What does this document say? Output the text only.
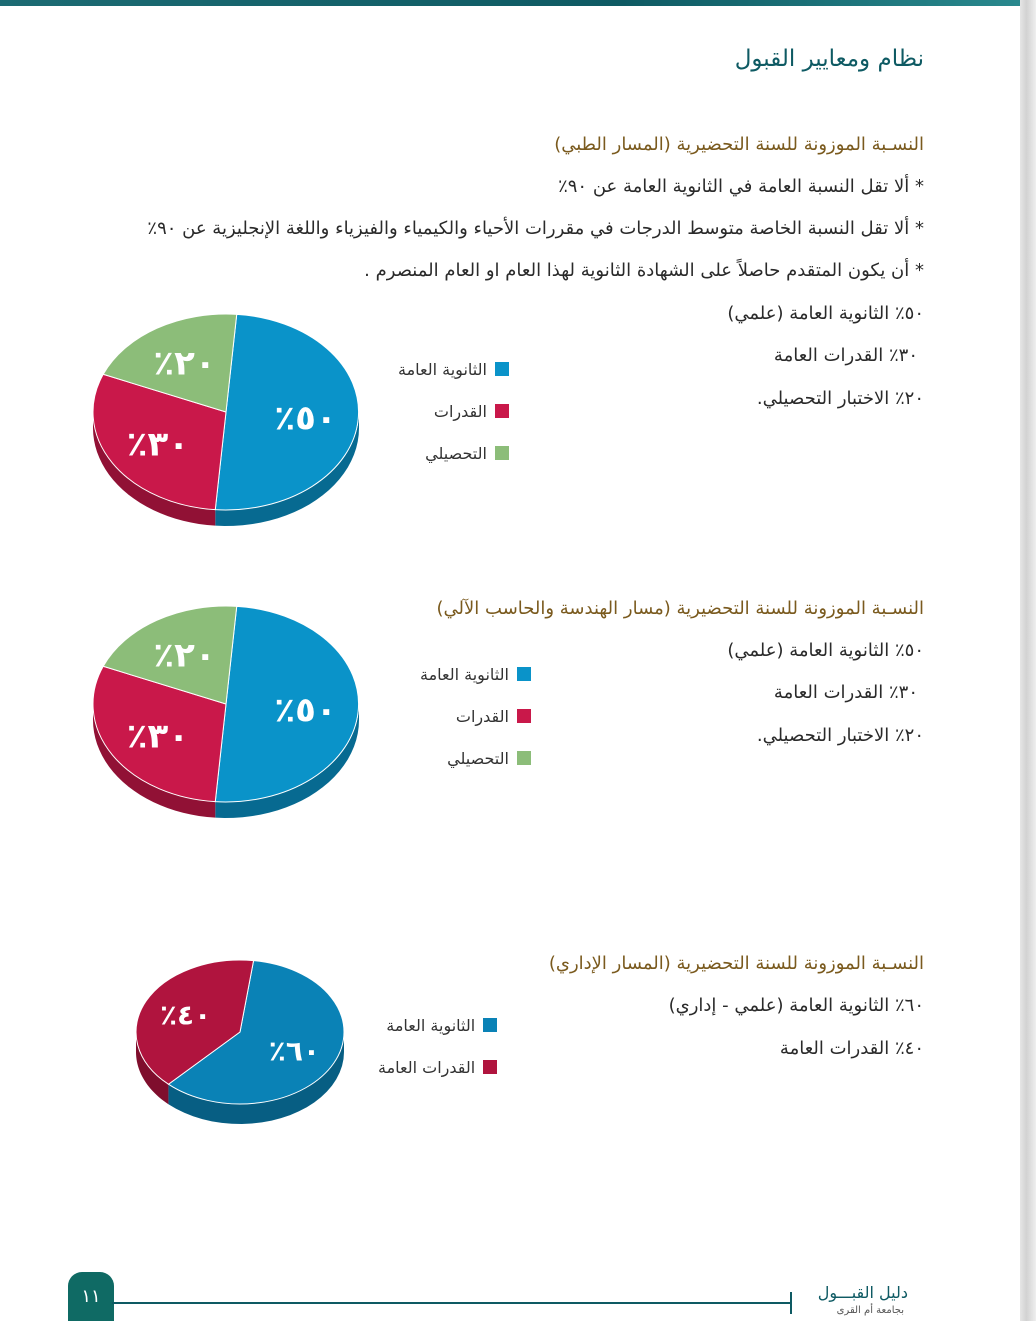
نظام ومعايير القبول
النسـبة الموزونة للسنة التحضيرية (المسار الطبي)
* ألا تقل النسبة العامة في الثانوية العامة عن ٩٠٪
* ألا تقل النسبة الخاصة متوسط الدرجات في مقررات الأحياء والكيمياء والفيزياء واللغة الإنجليزية عن ٩٠٪
* أن يكون المتقدم حاصلاً على الشهادة الثانوية لهذا العام او العام المنصرم .
٥٠٪ الثانوية العامة (علمي)
٣٠٪ القدرات العامة
٢٠٪ الاختبار التحصيلي.
٪٥٠
٪٣٠
٪٢٠	الثانوية العامة
القدرات
التحصيلي
النسـبة الموزونة للسنة التحضيرية (مسار الهندسة والحاسب الآلي)
٥٠٪ الثانوية العامة (علمي)
٣٠٪ القدرات العامة
٢٠٪ الاختبار التحصيلي.
٪٥٠
٪٣٠
٪٢٠	الثانوية العامة
القدرات
التحصيلي
النسـبة الموزونة للسنة التحضيرية (المسار الإداري)
٦٠٪ الثانوية العامة (علمي - إداري)
٤٠٪ القدرات العامة
٪٦٠
٪٤٠	الثانوية العامة
القدرات العامة
١١	دليل القبـــول
بجامعة أم القرى
